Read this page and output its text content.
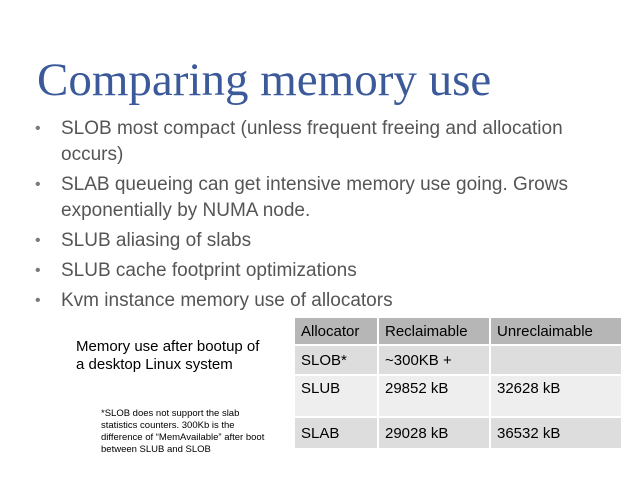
Comparing memory use
• SLOB most compact (unless frequent freeing and allocation occurs)
• SLAB queueing can get intensive memory use going. Grows exponentially by NUMA node.
• SLUB aliasing of slabs
• SLUB cache footprint optimizations
• Kvm instance memory use of allocators

Memory use after bootup of a desktop Linux system

*SLOB does not support the slab statistics counters. 300Kb is the difference of “MemAvailable” after boot between SLUB and SLOB

Allocator	Reclaimable	Unreclaimable
SLOB*	~300KB +	
SLUB	29852 kB	32628 kB
SLAB	29028 kB	36532 kB
